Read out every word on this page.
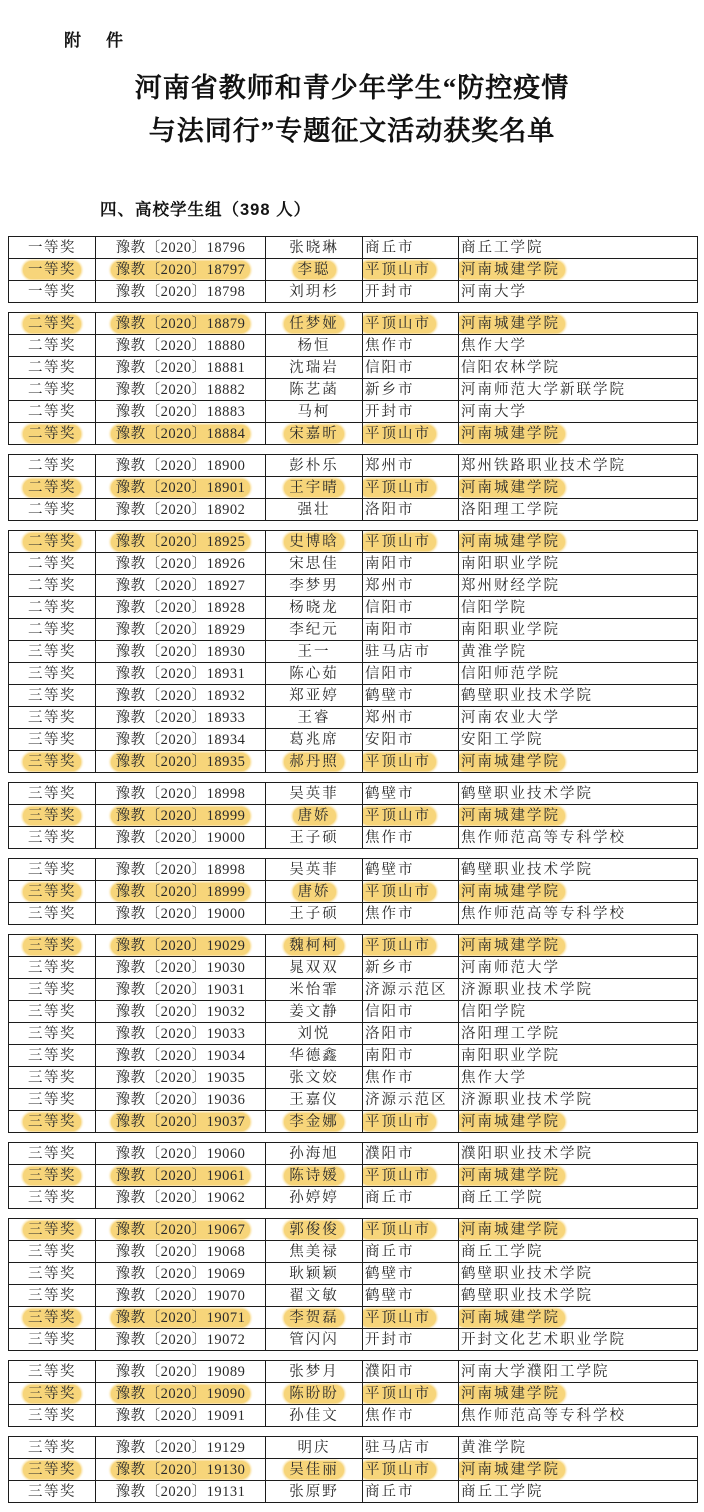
附　件
河南省教师和青少年学生“防控疫情
与法同行”专题征文活动获奖名单
四、高校学生组（398 人）
一等奖	豫教〔2020〕18796	张晓琳	商丘市	商丘工学院
一等奖	豫教〔2020〕18797	李聪	平顶山市	河南城建学院
一等奖	豫教〔2020〕18798	刘玥杉	开封市	河南大学
二等奖	豫教〔2020〕18879	任梦娅	平顶山市	河南城建学院
二等奖	豫教〔2020〕18880	杨恒	焦作市	焦作大学
二等奖	豫教〔2020〕18881	沈瑞岩	信阳市	信阳农林学院
二等奖	豫教〔2020〕18882	陈艺菡	新乡市	河南师范大学新联学院
二等奖	豫教〔2020〕18883	马柯	开封市	河南大学
二等奖	豫教〔2020〕18884	宋嘉昕	平顶山市	河南城建学院
二等奖	豫教〔2020〕18900	彭朴乐	郑州市	郑州铁路职业技术学院
二等奖	豫教〔2020〕18901	王宇晴	平顶山市	河南城建学院
二等奖	豫教〔2020〕18902	强壮	洛阳市	洛阳理工学院
二等奖	豫教〔2020〕18925	史博晗	平顶山市	河南城建学院
二等奖	豫教〔2020〕18926	宋思佳	南阳市	南阳职业学院
二等奖	豫教〔2020〕18927	李梦男	郑州市	郑州财经学院
二等奖	豫教〔2020〕18928	杨晓龙	信阳市	信阳学院
二等奖	豫教〔2020〕18929	李纪元	南阳市	南阳职业学院
三等奖	豫教〔2020〕18930	王一	驻马店市	黄淮学院
三等奖	豫教〔2020〕18931	陈心茹	信阳市	信阳师范学院
三等奖	豫教〔2020〕18932	郑亚婷	鹤壁市	鹤壁职业技术学院
三等奖	豫教〔2020〕18933	王睿	郑州市	河南农业大学
三等奖	豫教〔2020〕18934	葛兆席	安阳市	安阳工学院
三等奖	豫教〔2020〕18935	郝丹照	平顶山市	河南城建学院
三等奖	豫教〔2020〕18998	吴英菲	鹤壁市	鹤壁职业技术学院
三等奖	豫教〔2020〕18999	唐娇	平顶山市	河南城建学院
三等奖	豫教〔2020〕19000	王子硕	焦作市	焦作师范高等专科学校
三等奖	豫教〔2020〕18998	吴英菲	鹤壁市	鹤壁职业技术学院
三等奖	豫教〔2020〕18999	唐娇	平顶山市	河南城建学院
三等奖	豫教〔2020〕19000	王子硕	焦作市	焦作师范高等专科学校
三等奖	豫教〔2020〕19029	魏柯柯	平顶山市	河南城建学院
三等奖	豫教〔2020〕19030	晁双双	新乡市	河南师范大学
三等奖	豫教〔2020〕19031	米怡霏	济源示范区	济源职业技术学院
三等奖	豫教〔2020〕19032	姜文静	信阳市	信阳学院
三等奖	豫教〔2020〕19033	刘悦	洛阳市	洛阳理工学院
三等奖	豫教〔2020〕19034	华德鑫	南阳市	南阳职业学院
三等奖	豫教〔2020〕19035	张文姣	焦作市	焦作大学
三等奖	豫教〔2020〕19036	王嘉仪	济源示范区	济源职业技术学院
三等奖	豫教〔2020〕19037	李金娜	平顶山市	河南城建学院
三等奖	豫教〔2020〕19060	孙海旭	濮阳市	濮阳职业技术学院
三等奖	豫教〔2020〕19061	陈诗媛	平顶山市	河南城建学院
三等奖	豫教〔2020〕19062	孙婷婷	商丘市	商丘工学院
三等奖	豫教〔2020〕19067	郭俊俊	平顶山市	河南城建学院
三等奖	豫教〔2020〕19068	焦美禄	商丘市	商丘工学院
三等奖	豫教〔2020〕19069	耿颖颖	鹤壁市	鹤壁职业技术学院
三等奖	豫教〔2020〕19070	翟文敏	鹤壁市	鹤壁职业技术学院
三等奖	豫教〔2020〕19071	李贺磊	平顶山市	河南城建学院
三等奖	豫教〔2020〕19072	管闪闪	开封市	开封文化艺术职业学院
三等奖	豫教〔2020〕19089	张梦月	濮阳市	河南大学濮阳工学院
三等奖	豫教〔2020〕19090	陈盼盼	平顶山市	河南城建学院
三等奖	豫教〔2020〕19091	孙佳文	焦作市	焦作师范高等专科学校
三等奖	豫教〔2020〕19129	明庆	驻马店市	黄淮学院
三等奖	豫教〔2020〕19130	吴佳丽	平顶山市	河南城建学院
三等奖	豫教〔2020〕19131	张原野	商丘市	商丘工学院
